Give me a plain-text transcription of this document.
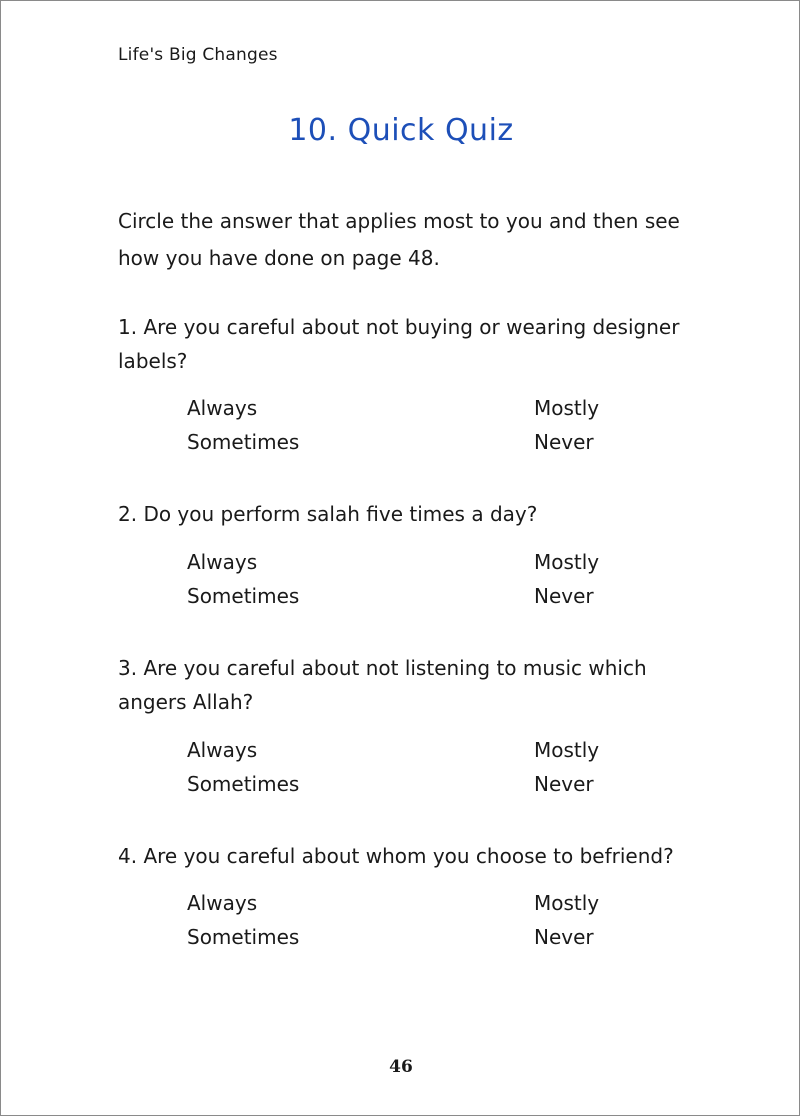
Life's Big Changes
10. Quick Quiz

Circle the answer that applies most to you and then see how you have done on page 48.

1. Are you careful about not buying or wearing designer labels?

Always	Mostly
Sometimes	Never

2. Do you perform salah five times a day?

Always	Mostly
Sometimes	Never

3. Are you careful about not listening to music which angers Allah?

Always	Mostly
Sometimes	Never

4. Are you careful about whom you choose to befriend?

Always	Mostly
Sometimes	Never
46
